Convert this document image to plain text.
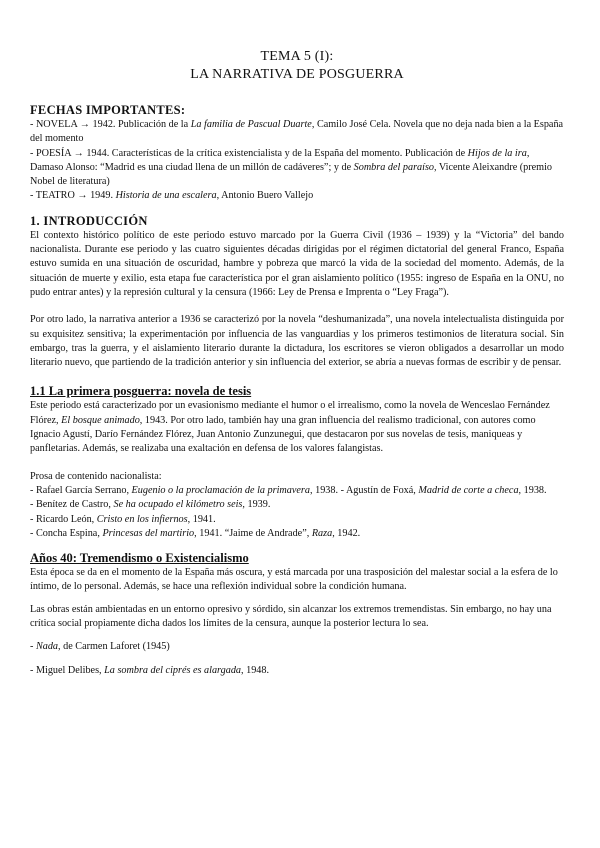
TEMA 5 (I):

LA NARRATIVA DE POSGUERRA

FECHAS IMPORTANTES:

- NOVELA → 1942. Publicación de la La familia de Pascual Duarte, Camilo José Cela. Novela que no deja nada bien a la España del momento

- POESÍA → 1944. Características de la crítica existencialista y de la España del momento. Publicación de Hijos de la ira, Damaso Alonso: “Madrid es una ciudad llena de un millón de cadáveres”; y de Sombra del paraíso, Vicente Aleixandre (premio Nobel de literatura)

- TEATRO → 1949. Historia de una escalera, Antonio Buero Vallejo

1. INTRODUCCIÓN

El contexto histórico político de este periodo estuvo marcado por la Guerra Civil (1936 – 1939) y la “Victoria” del bando nacionalista. Durante ese periodo y las cuatro siguientes décadas dirigidas por el régimen dictatorial del general Franco, España estuvo sumida en una situación de oscuridad, hambre y pobreza que marcó la vida de la sociedad del momento. Además, de la situación de muerte y exilio, esta etapa fue característica por el gran aislamiento político (1955: ingreso de España en la ONU, no pudo entrar antes) y la represión cultural y la censura (1966: Ley de Prensa e Imprenta o “Ley Fraga”).

Por otro lado, la narrativa anterior a 1936 se caracterizó por la novela “deshumanizada”, una novela intelectualista distinguida por su exquisitez sensitiva; la experimentación por influencia de las vanguardias y los primeros testimonios de literatura social. Sin embargo, tras la guerra, y el aislamiento literario durante la dictadura, los escritores se vieron obligados a desarrollar un modo literario nuevo, que partiendo de la tradición anterior y sin influencia del exterior, se abría a nuevas formas de escribir y de pensar.

1.1 La primera posguerra: novela de tesis

Este periodo está caracterizado por un evasionismo mediante el humor o el irrealismo, como la novela de Wenceslao Fernández Flórez, El bosque animado, 1943. Por otro lado, también hay una gran influencia del realismo tradicional, con autores como Ignacio Agustí, Darío Fernández Flórez, Juan Antonio Zunzunegui, que destacaron por sus novelas de tesis, maniqueas y panfletarias. Además, se realizaba una exaltación en defensa de los valores falangistas.

Prosa de contenido nacionalista:

- Rafael García Serrano, Eugenio o la proclamación de la primavera, 1938. - Agustín de Foxá, Madrid de corte a checa, 1938.

- Benítez de Castro, Se ha ocupado el kilómetro seis, 1939.

- Ricardo León, Cristo en los infiernos, 1941.

- Concha Espina, Princesas del martirio, 1941. “Jaime de Andrade”, Raza, 1942.

Años 40: Tremendismo o Existencialismo

Esta época se da en el momento de la España más oscura, y está marcada por una trasposición del malestar social a la esfera de lo íntimo, de lo personal. Además, se hace una reflexión individual sobre la condición humana.

Las obras están ambientadas en un entorno opresivo y sórdido, sin alcanzar los extremos tremendistas. Sin embargo, no hay una crítica social propiamente dicha dados los límites de la censura, aunque la posterior lectura lo sea.

- Nada, de Carmen Laforet (1945)

- Miguel Delibes, La sombra del ciprés es alargada, 1948.
